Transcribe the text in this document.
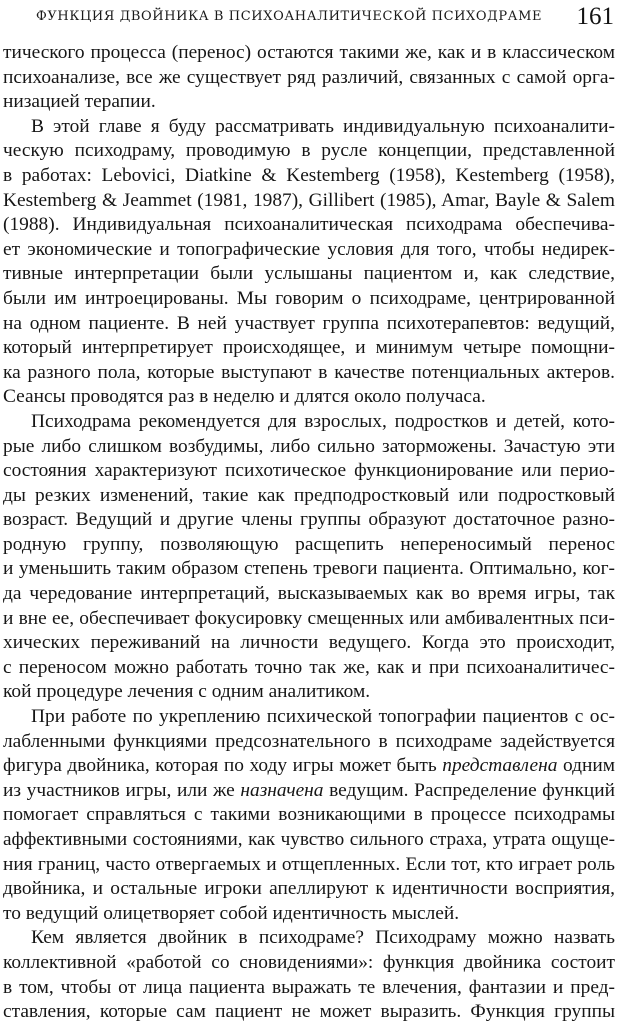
ФУНКЦИЯ ДВОЙНИКА В ПСИХОАНАЛИТИЧЕСКОЙ ПСИХОДРАМЕ 161
тического процесса (перенос) остаются такими же, как и в классическом
психоанализе, все же существует ряд различий, связанных с самой орга-
низацией терапии.
В этой главе я буду рассматривать индивидуальную психоаналити-
ческую психодраму, проводимую в русле концепции, представленной
в работах: Lebovici, Diatkine & Kestemberg (1958), Kestemberg (1958),
Kestemberg & Jeammet (1981, 1987), Gillibert (1985), Amar, Bayle & Salem
(1988). Индивидуальная психоаналитическая психодрама обеспечива-
ет экономические и топографические условия для того, чтобы недирек-
тивные интерпретации были услышаны пациентом и, как следствие,
были им интроецированы. Мы говорим о психодраме, центрированной
на одном пациенте. В ней участвует группа психотерапевтов: ведущий,
который интерпретирует происходящее, и минимум четыре помощни-
ка разного пола, которые выступают в качестве потенциальных актеров.
Сеансы проводятся раз в неделю и длятся около получаса.
Психодрама рекомендуется для взрослых, подростков и детей, кото-
рые либо слишком возбудимы, либо сильно заторможены. Зачастую эти
состояния характеризуют психотическое функционирование или перио-
ды резких изменений, такие как предподростковый или подростковый
возраст. Ведущий и другие члены группы образуют достаточное разно-
родную группу, позволяющую расщепить непереносимый перенос
и уменьшить таким образом степень тревоги пациента. Оптимально, ког-
да чередование интерпретаций, высказываемых как во время игры, так
и вне ее, обеспечивает фокусировку смещенных или амбивалентных пси-
хических переживаний на личности ведущего. Когда это происходит,
с переносом можно работать точно так же, как и при психоаналитичес-
кой процедуре лечения с одним аналитиком.
При работе по укреплению психической топографии пациентов с ос-
лабленными функциями предсознательного в психодраме задействуется
фигура двойника, которая по ходу игры может быть представлена одним
из участников игры, или же назначена ведущим. Распределение функций
помогает справляться с такими возникающими в процессе психодрамы
аффективными состояниями, как чувство сильного страха, утрата ощуще-
ния границ, часто отвергаемых и отщепленных. Если тот, кто играет роль
двойника, и остальные игроки апеллируют к идентичности восприятия,
то ведущий олицетворяет собой идентичность мыслей.
Кем является двойник в психодраме? Психодраму можно назвать
коллективной «работой со сновидениями»: функция двойника состоит
в том, чтобы от лица пациента выражать те влечения, фантазии и пред-
ставления, которые сам пациент не может выразить. Функция группы
